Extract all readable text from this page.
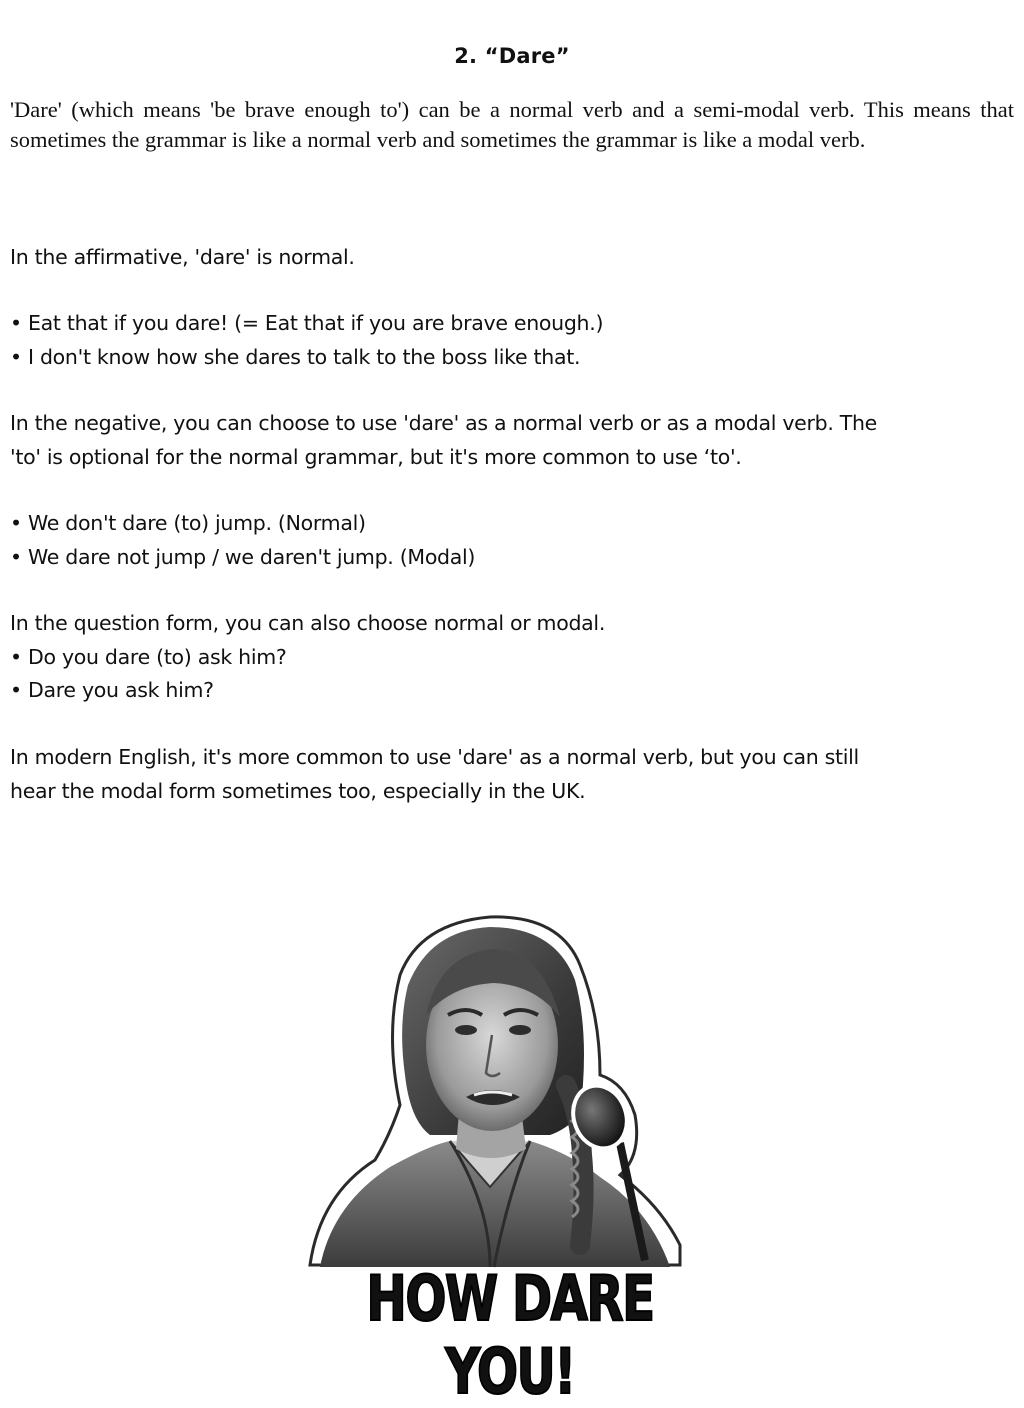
2. “Dare”

'Dare' (which means 'be brave enough to') can be a normal verb and a semi-modal verb. This means that sometimes the grammar is like a normal verb and sometimes the grammar is like a modal verb.

In the affirmative, 'dare' is normal.

• Eat that if you dare! (= Eat that if you are brave enough.)
• I don't know how she dares to talk to the boss like that.

In the negative, you can choose to use 'dare' as a normal verb or as a modal verb. The
'to' is optional for the normal grammar, but it's more common to use ‘to'.

• We don't dare (to) jump. (Normal)
• We dare not jump / we daren't jump. (Modal)

In the question form, you can also choose normal or modal.
• Do you dare (to) ask him?
• Dare you ask him?

In modern English, it's more common to use 'dare' as a normal verb, but you can still
hear the modal form sometimes too, especially in the UK.

HOW DARE YOU!
